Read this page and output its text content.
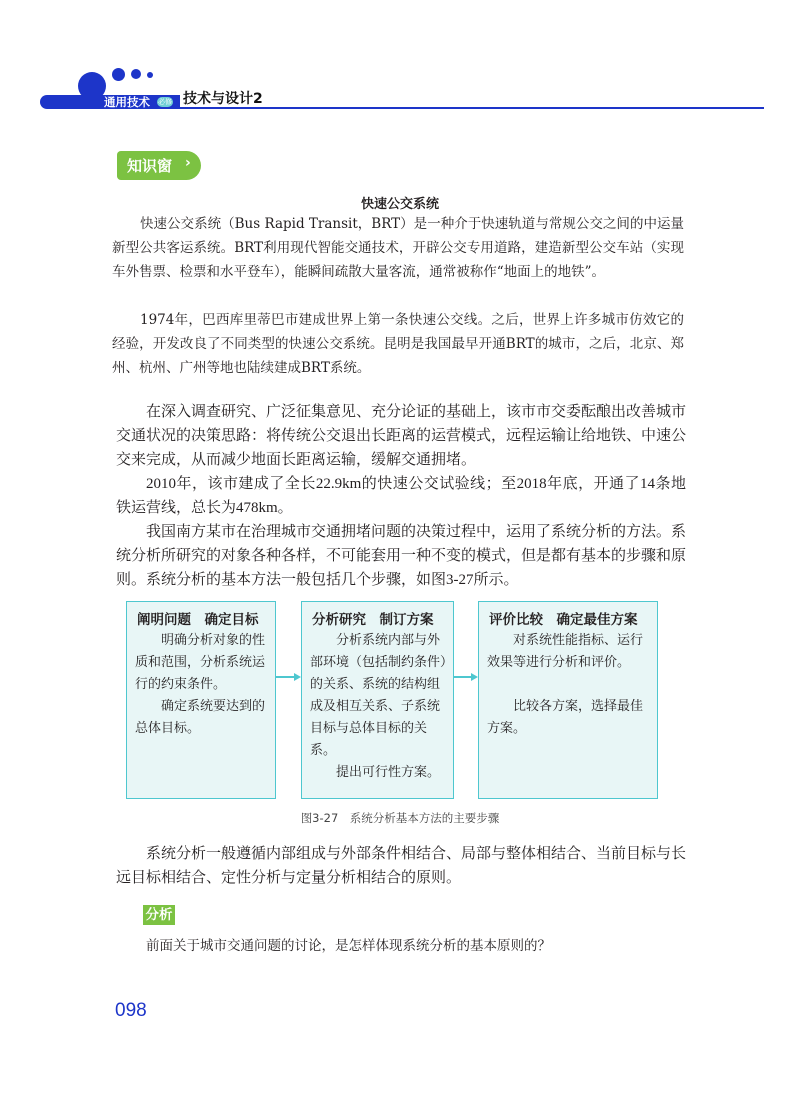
通用技术 必修 技术与设计2
知识窗 ›
快速公交系统

快速公交系统（Bus Rapid Transit，BRT）是一种介于快速轨道与常规公交之间的中运量新型公共客运系统。BRT利用现代智能交通技术，开辟公交专用道路，建造新型公交车站（实现车外售票、检票和水平登车），能瞬间疏散大量客流，通常被称作“地面上的地铁”。

1974年，巴西库里蒂巴市建成世界上第一条快速公交线。之后，世界上许多城市仿效它的经验，开发改良了不同类型的快速公交系统。昆明是我国最早开通BRT的城市，之后，北京、郑州、杭州、广州等地也陆续建成BRT系统。

在深入调查研究、广泛征集意见、充分论证的基础上，该市市交委酝酿出改善城市交通状况的决策思路：将传统公交退出长距离的运营模式，远程运输让给地铁、中速公交来完成，从而减少地面长距离运输，缓解交通拥堵。

2010年，该市建成了全长22.9km的快速公交试验线；至2018年底，开通了14条地铁运营线，总长为478km。

我国南方某市在治理城市交通拥堵问题的决策过程中，运用了系统分析的方法。系统分析所研究的对象各种各样，不可能套用一种不变的模式，但是都有基本的步骤和原则。系统分析的基本方法一般包括几个步骤，如图3-27所示。

阐明问题　确定目标

明确分析对象的性质和范围，分析系统运行的约束条件。

确定系统要达到的总体目标。

分析研究　制订方案

分析系统内部与外部环境（包括制约条件）的关系、系统的结构组成及相互关系、子系统目标与总体目标的关系。

提出可行性方案。

评价比较　确定最佳方案

对系统性能指标、运行效果等进行分析和评价。

比较各方案，选择最佳方案。

图3-27　系统分析基本方法的主要步骤

系统分析一般遵循内部组成与外部条件相结合、局部与整体相结合、当前目标与长远目标相结合、定性分析与定量分析相结合的原则。

分析
前面关于城市交通问题的讨论，是怎样体现系统分析的基本原则的？
098
